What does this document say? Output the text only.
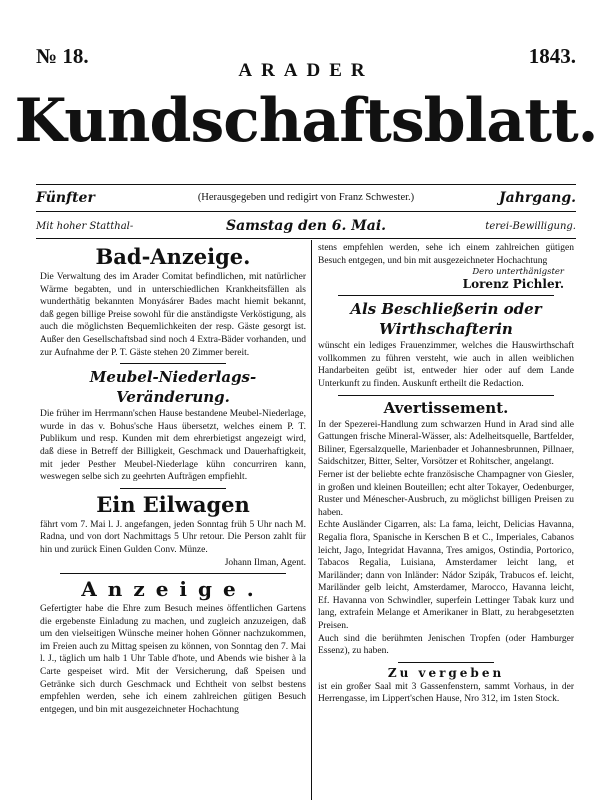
№ 18.	1843.
ARADER
Kundschaftsblatt.
Fünfter	(Herausgegeben und redigirt von Franz Schwester.)	Jahrgang.
Mit hoher Statthal-	Samstag den 6. Mai.	terei-Bewilligung.
Bad-Anzeige.

Die Verwaltung des im Arader Comitat befindlichen, mit natürlicher Wärme begabten, und in unterschiedlichen Krankheitsfällen als wunderthätig bekannten Monyásárer Bades macht hiemit bekannt, daß gegen billige Preise sowohl für die anständigste Verköstigung, als auch die möglichsten Bequemlichkeiten der resp. Gäste gesorgt ist. Außer den Gesellschaftsbad sind noch 4 Extra-Bäder vorhanden, und zur Aufnahme der P. T. Gäste stehen 20 Zimmer bereit.

Meubel-Niederlags-Veränderung.

Die früher im Herrmann'schen Hause bestandene Meubel-Niederlage, wurde in das v. Bohus'sche Haus übersetzt, welches einem P. T. Publikum und resp. Kunden mit dem ehrerbietigst angezeigt wird, daß diese in Betreff der Billigkeit, Geschmack und Dauerhaftigkeit, mit jeder Pesther Meubel-Niederlage kühn concurriren kann, weswegen selbe sich zu geehrten Aufträgen empfiehlt.

Ein Eilwagen

fährt vom 7. Mai l. J. angefangen, jeden Sonntag früh 5 Uhr nach M. Radna, und von dort Nachmittags 5 Uhr retour. Die Person zahlt für hin und zurück Einen Gulden Conv. Münze.

Johann Ilman, Agent.
Anzeige.

Gefertigter habe die Ehre zum Besuch meines öffentlichen Gartens die ergebenste Einladung zu machen, und zugleich anzuzeigen, daß um den vielseitigen Wünsche meiner hohen Gönner nachzukommen, im Freien auch zu Mittag speisen zu können, von Sonntag den 7. Mai l. J., täglich um halb 1 Uhr Table d'hote, und Abends wie bisher à la Carte gespeiset wird. Mit der Versicherung, daß Speisen und Getränke sich durch Geschmack und Echtheit von selbst bestens empfehlen werden, sehe ich einem zahlreichen gütigen Besuch entgegen, und bin mit ausgezeichneter Hochachtung

stens empfehlen werden, sehe ich einem zahlreichen gütigen Besuch entgegen, und bin mit ausgezeichneter Hochachtung

Dero unterthänigster
Lorenz Pichler.
Als Beschließerin oder Wirthschafterin

wünscht ein lediges Frauenzimmer, welches die Hauswirthschaft vollkommen zu führen versteht, wie auch in allen weiblichen Handarbeiten geübt ist, entweder hier oder auf dem Lande Unterkunft zu finden. Auskunft ertheilt die Redaction.

Avertissement.

In der Spezerei-Handlung zum schwarzen Hund in Arad sind alle Gattungen frische Mineral-Wässer, als: Adelheitsquelle, Bartfelder, Biliner, Egersalzquelle, Marienbader et Johannesbrunnen, Pillnaer, Saidschitzer, Bitter, Selter, Vorsötzer et Rohitscher, angelangt.

Ferner ist der beliebte echte französische Champagner von Giesler, in großen und kleinen Bouteillen; echt alter Tokayer, Oedenburger, Ruster und Ménescher-Ausbruch, zu möglichst billigen Preisen zu haben.

Echte Ausländer Cigarren, als: La fama, leicht, Delicias Havanna, Regalia flora, Spanische in Kerschen B et C., Imperiales, Cabanos leicht, Jago, Integridat Havanna, Tres amigos, Ostindia, Portorico, Tabacos Regalia, Luisiana, Amsterdamer leicht lang, et Mariländer; dann von Inländer: Nádor Szipák, Trabucos ef. leicht, Mariländer gelb leicht, Amsterdamer, Marocco, Havanna leicht, Ef. Havanna von Schwindler, superfein Lettinger Tabak kurz und lang, extrafein Melange et Amerikaner in Blatt, zu herabgesetzten Preisen.

Auch sind die berühmten Jenischen Tropfen (oder Hamburger Essenz), zu haben.

Zu vergeben

ist ein großer Saal mit 3 Gassenfenstern, sammt Vorhaus, in der Herrengasse, im Lippert'schen Hause, Nro 312, im 1sten Stock.
